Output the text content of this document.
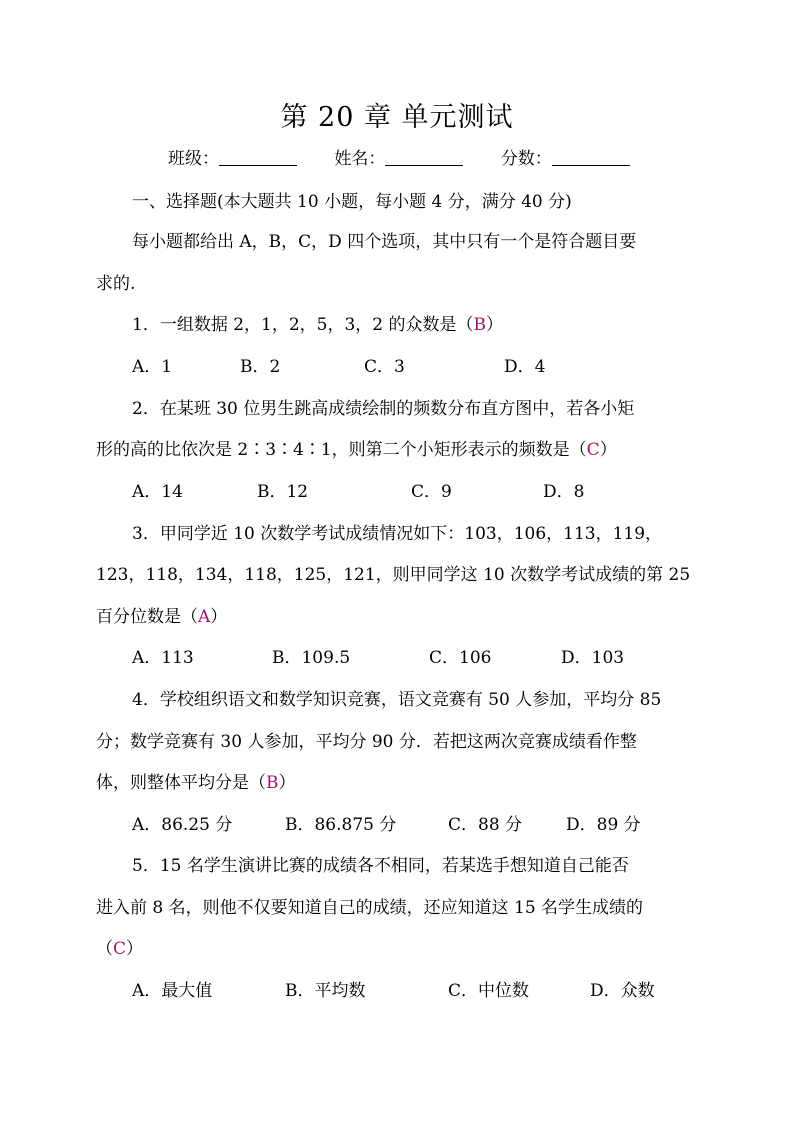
第 20 章 单元测试
班级：	姓名：	分数：
一、选择题(本大题共 10 小题，每小题 4 分，满分 40 分)
每小题都给出 A，B，C，D 四个选项，其中只有一个是符合题目要
求的.
1．一组数据 2，1，2，5，3，2 的众数是（B）
A．1	B．2	C．3	D．4
2．在某班 30 位男生跳高成绩绘制的频数分布直方图中，若各小矩
形的高的比依次是 2∶3∶4∶1，则第二个小矩形表示的频数是（C）
A．14	B．12	C．9	D．8
3．甲同学近 10 次数学考试成绩情况如下：103，106，113，119，
123，118，134，118，125，121，则甲同学这 10 次数学考试成绩的第 25
百分位数是（A）
A．113	B．109.5	C．106	D．103
4．学校组织语文和数学知识竞赛，语文竞赛有 50 人参加，平均分 85
分；数学竞赛有 30 人参加，平均分 90 分．若把这两次竞赛成绩看作整
体，则整体平均分是（B）
A．86.25 分	B．86.875 分	C．88 分	D．89 分
5．15 名学生演讲比赛的成绩各不相同，若某选手想知道自己能否
进入前 8 名，则他不仅要知道自己的成绩，还应知道这 15 名学生成绩的
（C）
A．最大值	B．平均数	C．中位数	D．众数
